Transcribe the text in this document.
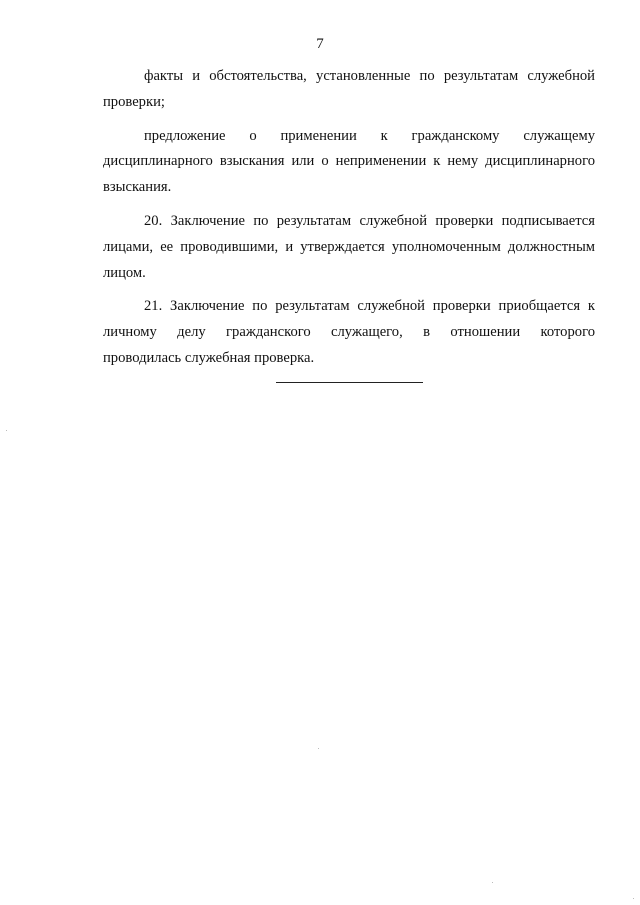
7

факты и обстоятельства, установленные по результатам служебной
проверки;

предложение о применении к гражданскому служащему
дисциплинарного взыскания или о неприменении к нему дисциплинарного
взыскания.

20. Заключение по результатам служебной проверки подписывается
лицами, ее проводившими, и утверждается уполномоченным должностным
лицом.

21. Заключение по результатам служебной проверки приобщается к
личному делу гражданского служащего, в отношении которого
проводилась служебная проверка.
